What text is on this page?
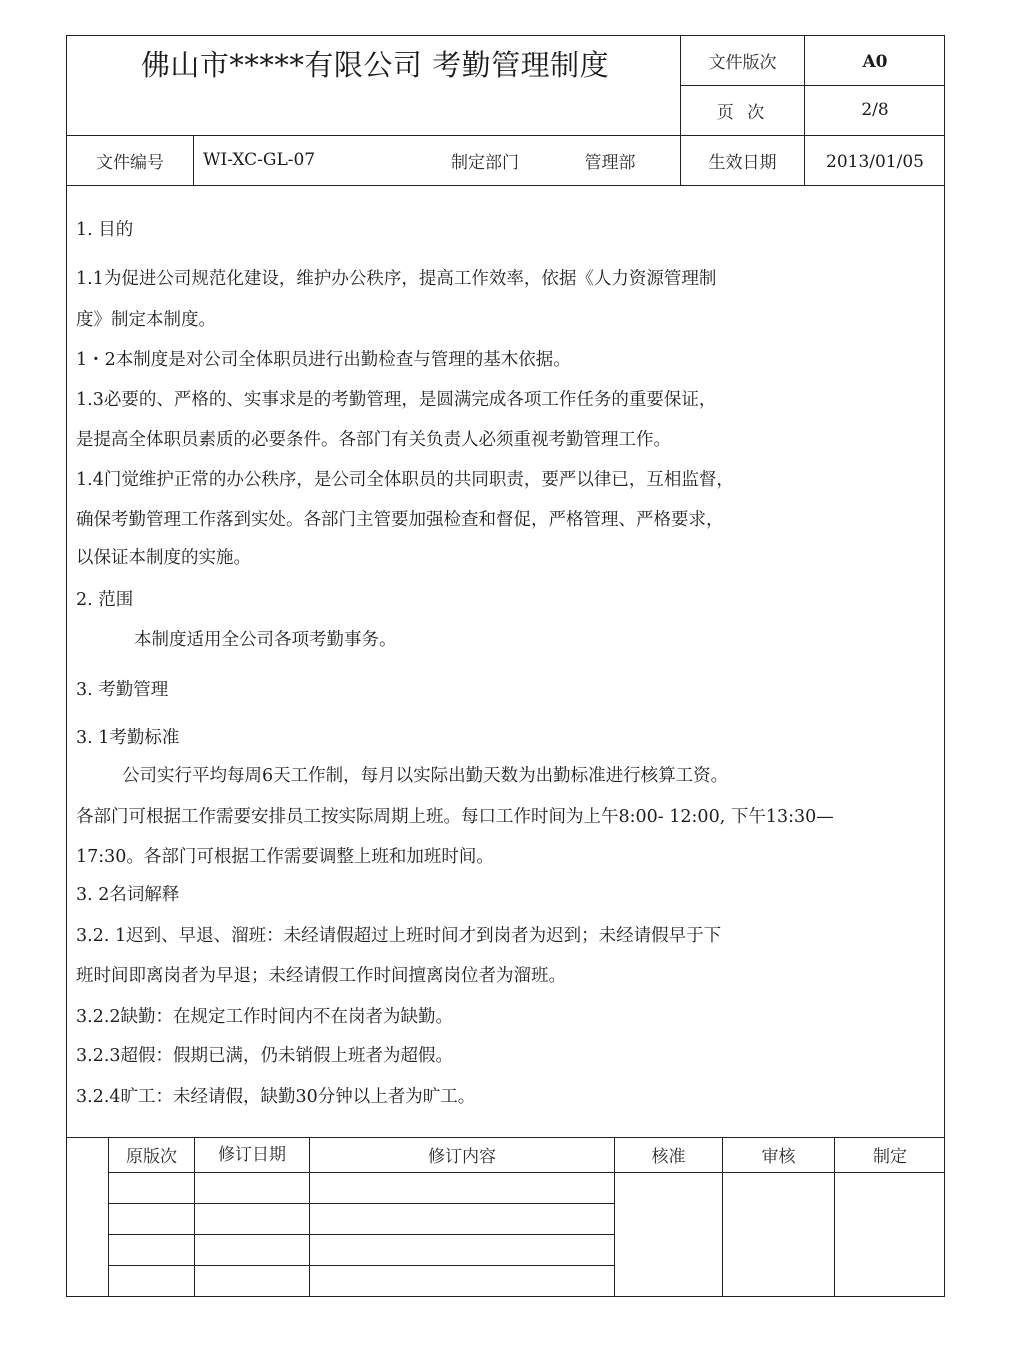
佛山市*****有限公司 考勤管理制度	文件版次	A0
页 次	2/8
文件编号	WI-XC-GL-07	制定部门	管理部	生效日期	2013/01/05
1. 目的
1.1为促进公司规范化建设，维护办公秩序，提高工作效率，依据《人力资源管理制
度》制定本制度。
1・2本制度是对公司全体职员进行出勤检查与管理的基木依据。
1.3必要的、严格的、实事求是的考勤管理，是圆满完成各项工作任务的重要保证，
是提高全体职员素质的必要条件。各部门有关负责人必须重视考勤管理工作。
1.4门觉维护正常的办公秩序，是公司全体职员的共同职责，要严以律已，互相监督，
确保考勤管理工作落到实处。各部门主管要加强检查和督促，严格管理、严格要求，
以保证本制度的实施。
2. 范围
本制度适用全公司各项考勤事务。
3. 考勤管理
3. 1考勤标准
公司实行平均每周6天工作制，每月以实际出勤天数为出勤标准进行核算工资。
各部门可根据工作需要安排员工按实际周期上班。每口工作时间为上午8:00- 12:00, 下午13:30—
17:30。各部门可根据工作需要调整上班和加班时间。
3. 2名词解释
3.2. 1迟到、早退、溜班：未经请假超过上班时间才到岗者为迟到；未经请假早于下
班时间即离岗者为早退；未经请假工作时间擅离岗位者为溜班。
3.2.2缺勤：在规定工作时间内不在岗者为缺勤。
3.2.3超假：假期已满，仍未销假上班者为超假。
3.2.4旷工：未经请假，缺勤30分钟以上者为旷工。
原版次	修订日期	修订内容	核准	审核	制定
